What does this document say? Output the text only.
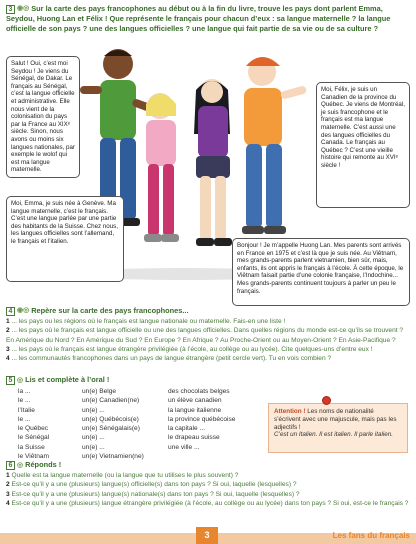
3 ◉◎ Sur la carte des pays francophones au début ou à la fin du livre, trouve les pays dont parlent Emma, Seydou, Huong Lan et Félix ! Que représente le français pour chacun d’eux : sa langue maternelle ? la langue officielle de son pays ? une des langues officielles ? une langue qui fait partie de sa vie ou de sa culture ?
Salut ! Oui, c’est moi Seydou ! Je viens du Sénégal, de Dakar. Le français au Sénégal, c’est la langue officielle et administrative. Elle nous vient de la colonisation du pays par la France au XIXᵉ siècle. Sinon, nous avons ou moins six langues nationales, par exemple le wolof qui est ma langue maternelle.
Moi, Félix, je suis un Canadien de la province du Québec. Je viens de Montréal, je suis francophone et le français est ma langue maternelle. C’est aussi une des langues officielles du Canada. Le français au Québec ? C’est une vieille histoire qui remonte au XVIᵉ siècle !
Moi, Emma, je suis née à Genève. Ma langue maternelle, c’est le français. C’est une langue parlée par une partie des habitants de la Suisse. Chez nous, les langues officielles sont l’allemand, le français et l’italien.
Bonjour ! Je m’appelle Huong Lan. Mes parents sont arrivés en France en 1975 et c’est là que je suis née. Au Viêtnam, mes grands-parents parlent vietnamien, bien sûr, mais, enfants, ils ont appris le français à l’école. À cette époque, le Viêtnam faisait partie d’une colonie française, l’Indochine... Mes grands-parents continuent toujours à parler un peu le français.
4 ◉◎ Repère sur la carte des pays francophones...
1 ... les pays ou les régions où le français est langue nationale ou maternelle. Fais-en une liste !
2 ... les pays où le français est langue officielle ou une des langues officielles. Dans quelles régions du monde est-ce qu’ils se trouvent ? En Amérique du Nord ? En Amérique du Sud ? En Europe ? En Afrique ? Au Proche-Orient ou au Moyen-Orient ? En Asie-Pacifique ?
3 ... les pays où le français est langue étrangère privilégiée (à l’école, au collège ou au lycée). Cite quelques-uns d’entre eux !
4 ... les communautés francophones dans un pays de langue étrangère (petit cercle vert). Tu en vois combien ?
5 ◎ Lis et complète à l’oral !
la ...
le ...
l’Italie
le ...
le Québec
le Sénégal
la Suisse
le Viêtnam
un(e) Belge
un(e) Canadien(ne)
un(e) ...
un(e) Québécois(e)
un(e) Sénégalais(e)
un(e) ...
un(e) ...
un(e) Vietnamien(ne)
des chocolats belges
un élève canadien
la langue italienne
la province québécoise
la capitale ...
le drapeau suisse
une ville ...
Attention ! Les noms de nationalité s’écrivent avec une majuscule, mais pas les adjectifs !
C’est un Italien. Il est italien. Il parle italien.
6 ◎ Réponds !
1 Quelle est ta langue maternelle (ou la langue que tu utilises le plus souvent) ?
2 Est-ce qu’il y a une (plusieurs) langue(s) officielle(s) dans ton pays ? Si oui, laquelle (lesquelles) ?
3 Est-ce qu’il y a une (plusieurs) langue(s) nationale(s) dans ton pays ? Si oui, laquelle (lesquelles) ?
4 Est-ce qu’il y a une (plusieurs) langue étrangère privilégiée (à l’école, au collège ou au lycée) dans ton pays ? Si oui, est-ce le français ?
3	Les fans du français
